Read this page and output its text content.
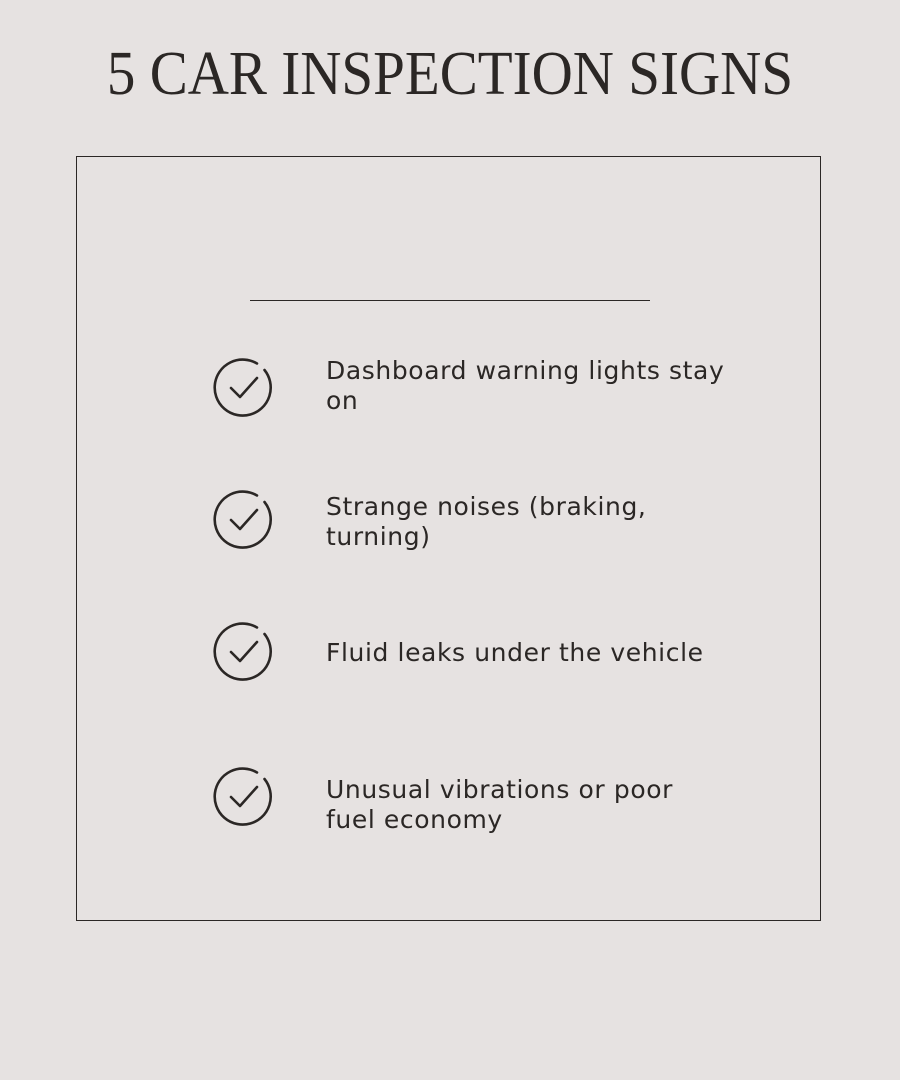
5 CAR INSPECTION SIGNS
Dashboard warning lights stay on
Strange noises (braking, turning)
Fluid leaks under the vehicle
Unusual vibrations or poor fuel economy
